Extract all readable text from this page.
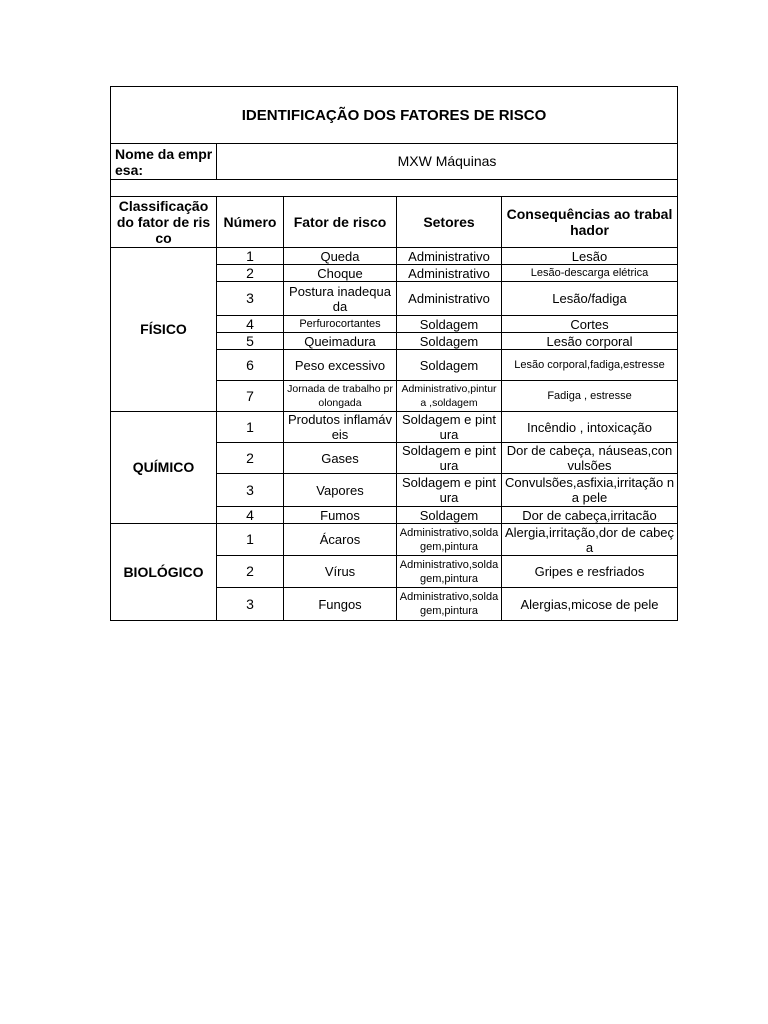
IDENTIFICAÇÃO DOS FATORES DE RISCO				
Nome da empresa:	MXW Máquinas			

Classificação do fator de risco	Número	Fator de risco	Setores	Consequências ao trabalhador
FÍSICO	1	Queda	Administrativo	Lesão
	2	Choque	Administrativo	Lesão-descarga elétrica
	3	Postura inadequada	Administrativo	Lesão/fadiga
	4	Perfurocortantes	Soldagem	Cortes
	5	Queimadura	Soldagem	Lesão corporal
	6	Peso excessivo	Soldagem	Lesão corporal,fadiga,estresse
	7	Jornada de trabalho prolongada	Administrativo,pintura ,soldagem	Fadiga , estresse
QUÍMICO	1	Produtos inflamáveis	Soldagem e pintura	Incêndio , intoxicação
	2	Gases	Soldagem e pintura	Dor de cabeça, náuseas,convulsões
	3	Vapores	Soldagem e pintura	Convulsões,asfixia,irritação na pele
	4	Fumos	Soldagem	Dor de cabeça,irritacão
BIOLÓGICO	1	Ácaros	Administrativo,soldagem,pintura	Alergia,irritação,dor de cabeça
	2	Vírus	Administrativo,soldagem,pintura	Gripes e resfriados
	3	Fungos	Administrativo,soldagem,pintura	Alergias,micose de pele
